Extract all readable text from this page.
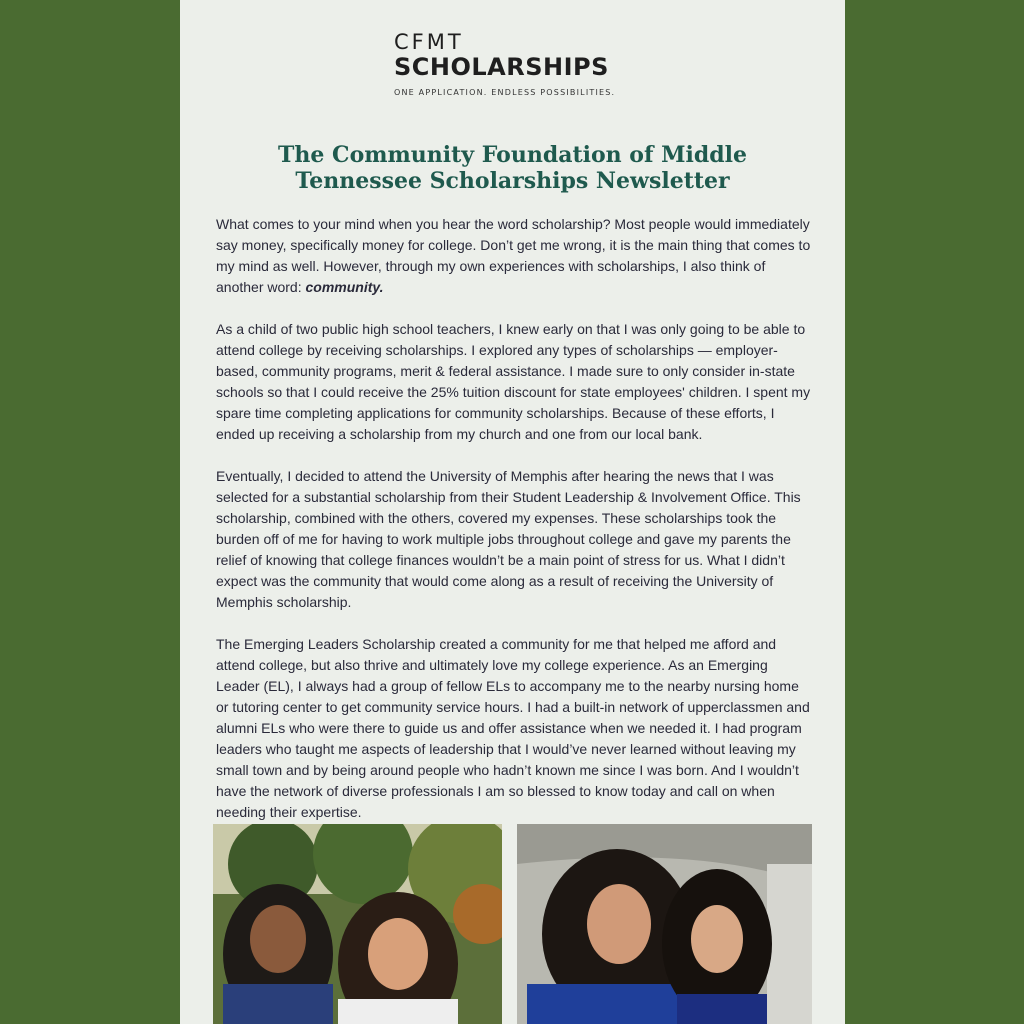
CFMT
SCHOLARSHIPS
ONE APPLICATION. ENDLESS POSSIBILITIES.
The Community Foundation of Middle Tennessee Scholarships Newsletter

What comes to your mind when you hear the word scholarship? Most people would immediately say money, specifically money for college. Don’t get me wrong, it is the main thing that comes to my mind as well. However, through my own experiences with scholarships, I also think of another word: community.

As a child of two public high school teachers, I knew early on that I was only going to be able to attend college by receiving scholarships. I explored any types of scholarships — employer-based, community programs, merit & federal assistance. I made sure to only consider in-state schools so that I could receive the 25% tuition discount for state employees' children. I spent my spare time completing applications for community scholarships. Because of these efforts, I ended up receiving a scholarship from my church and one from our local bank.

Eventually, I decided to attend the University of Memphis after hearing the news that I was selected for a substantial scholarship from their Student Leadership & Involvement Office. This scholarship, combined with the others, covered my expenses. These scholarships took the burden off of me for having to work multiple jobs throughout college and gave my parents the relief of knowing that college finances wouldn’t be a main point of stress for us. What I didn’t expect was the community that would come along as a result of receiving the University of Memphis scholarship.

The Emerging Leaders Scholarship created a community for me that helped me afford and attend college, but also thrive and ultimately love my college experience. As an Emerging Leader (EL), I always had a group of fellow ELs to accompany me to the nearby nursing home or tutoring center to get community service hours. I had a built-in network of upperclassmen and alumni ELs who were there to guide us and offer assistance when we needed it. I had program leaders who taught me aspects of leadership that I would’ve never learned without leaving my small town and by being around people who hadn’t known me since I was born. And I wouldn’t have the network of diverse professionals I am so blessed to know today and call on when needing their expertise.
